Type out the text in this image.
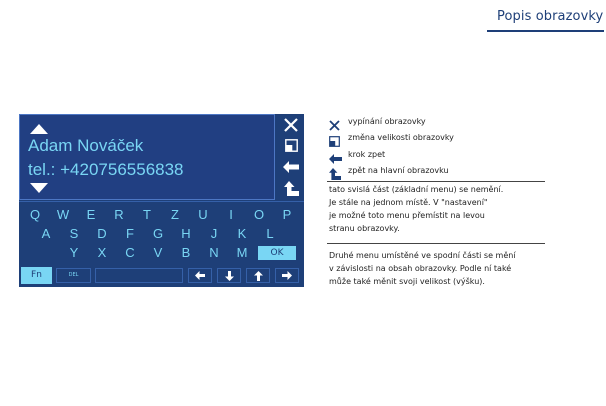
Popis obrazovky
Adam Nováček
tel.: +420756556838
Q	W	E	R	T	Z	U	I	O	P
A	S	D	F	G	H	J	K	L
Y	X	C	V	B	N	M	OK
Fn	DEL
vypínání obrazovky
změna velikosti obrazovky
krok zpet
zpět na hlavní obrazovku
tato svislá část (základní menu) se nemění.
Je stále na jednom místě. V "nastavení"
je možné toto menu přemístit na levou
stranu obrazovky.
Druhé menu umístěné ve spodní části se mění
v závislosti na obsah obrazovky. Podle ní také
může také měnit svoji velikost (výšku).
